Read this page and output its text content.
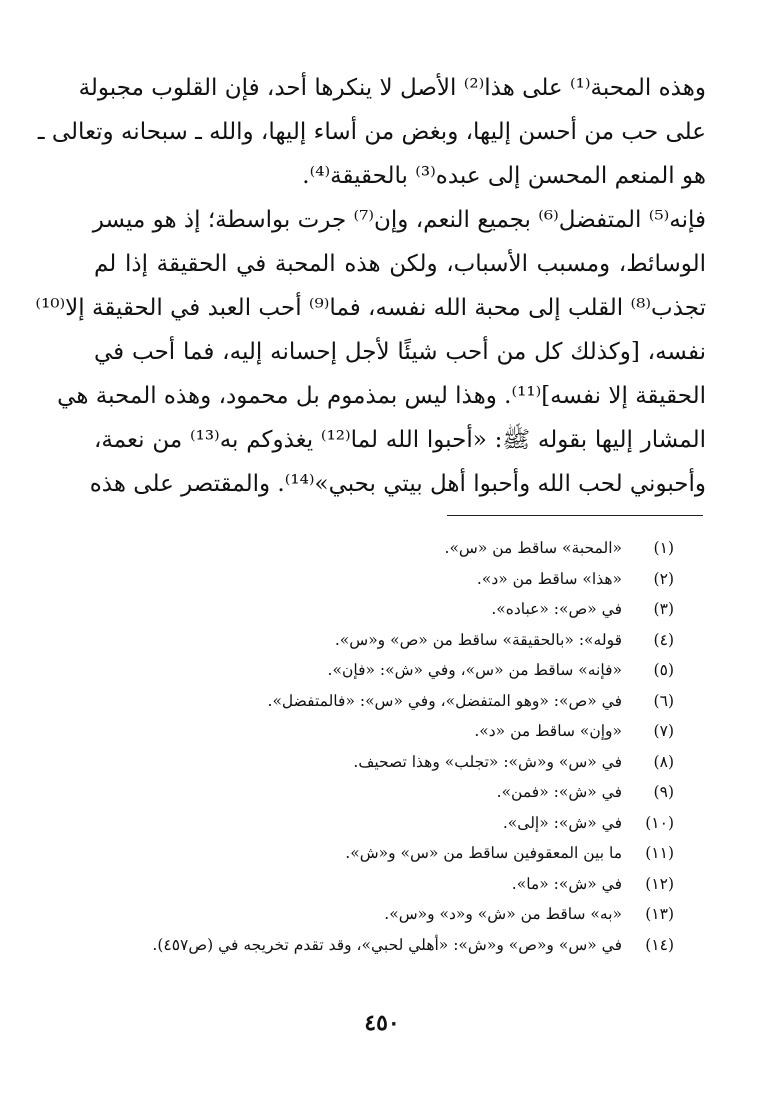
وهذه المحبة⁽¹⁾ على هذا⁽²⁾ الأصل لا ينكرها أحد، فإن القلوب مجبولة
على حب من أحسن إليها، وبغض من أساء إليها، والله ـ سبحانه وتعالى ـ
هو المنعم المحسن إلى عبده⁽³⁾ بالحقيقة⁽⁴⁾.
فإنه⁽⁵⁾ المتفضل⁽⁶⁾ بجميع النعم، وإن⁽⁷⁾ جرت بواسطة؛ إذ هو ميسر
الوسائط، ومسبب الأسباب، ولكن هذه المحبة في الحقيقة إذا لم
تجذب⁽⁸⁾ القلب إلى محبة الله نفسه، فما⁽⁹⁾ أحب العبد في الحقيقة إلا⁽¹⁰⁾
نفسه، [وكذلك كل من أحب شيئًا لأجل إحسانه إليه، فما أحب في
الحقيقة إلا نفسه]⁽¹¹⁾. وهذا ليس بمذموم بل محمود، وهذه المحبة هي
المشار إليها بقوله ﷺ: «أحبوا الله لما⁽¹²⁾ يغذوكم به⁽¹³⁾ من نعمة،
وأحبوني لحب الله وأحبوا أهل بيتي بحبي»⁽¹⁴⁾. والمقتصر على هذه
(١)
«المحبة» ساقط من «س».
(٢)
«هذا» ساقط من «د».
(٣)
في «ص»: «عباده».
(٤)
قوله»: «بالحقيقة» ساقط من «ص» و«س».
(٥)
«فإنه» ساقط من «س»، وفي «ش»: «فإن».
(٦)
في «ص»: «وهو المتفضل»، وفي «س»: «فالمتفضل».
(٧)
«وإن» ساقط من «د».
(٨)
في «س» و«ش»: «تجلب» وهذا تصحيف.
(٩)
في «ش»: «فمن».
(١٠)
في «ش»: «إلى».
(١١)
ما بين المعقوفين ساقط من «س» و«ش».
(١٢)
في «ش»: «ما».
(١٣)
«به» ساقط من «ش» و«د» و«س».
(١٤)
في «س» و«ص» و«ش»: «أهلي لحبي»، وقد تقدم تخريجه في (ص٤٥٧).
٤٥٠
